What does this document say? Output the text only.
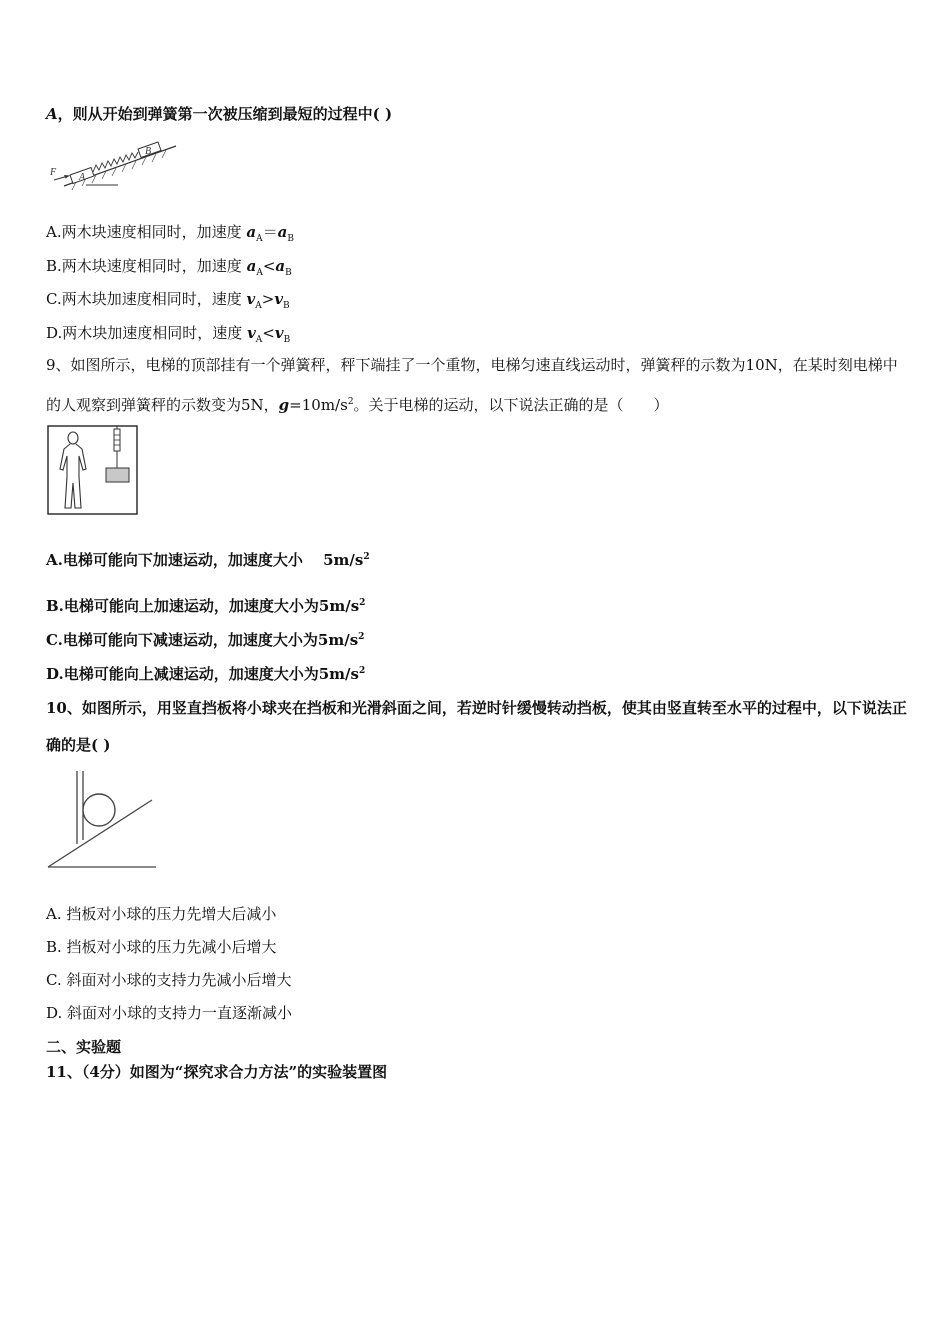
A，则从开始到弹簧第一次被压缩到最短的过程中( )
F A
B
A.两木块速度相同时，加速度 $a_A=a_B$
B.两木块速度相同时，加速度 $a_A<a_B$
C.两木块加速度相同时，速度 $v_A>v_B$
D.两木块加速度相同时，速度 $v_A<v_B$
9、如图所示，电梯的顶部挂有一个弹簧秤，秤下端挂了一个重物，电梯匀速直线运动时，弹簧秤的示数为10N，在某时刻电梯中的人观察到弹簧秤的示数变为5N，$g=10m/s^2$。关于电梯的运动，以下说法正确的是（　　）
A.电梯可能向下加速运动，加速度大小　 $5m/s^2$
B.电梯可能向上加速运动，加速度大小为$5m/s^2$
C.电梯可能向下减速运动，加速度大小为$5m/s^2$
D.电梯可能向上减速运动，加速度大小为$5m/s^2$
10、如图所示，用竖直挡板将小球夹在挡板和光滑斜面之间，若逆时针缓慢转动挡板，使其由竖直转至水平的过程中，以下说法正确的是( )
A. 挡板对小球的压力先增大后减小
B. 挡板对小球的压力先减小后增大
C. 斜面对小球的支持力先减小后增大
D. 斜面对小球的支持力一直逐渐减小
二、实验题
11、（4分）如图为“探究求合力方法”的实验装置图
